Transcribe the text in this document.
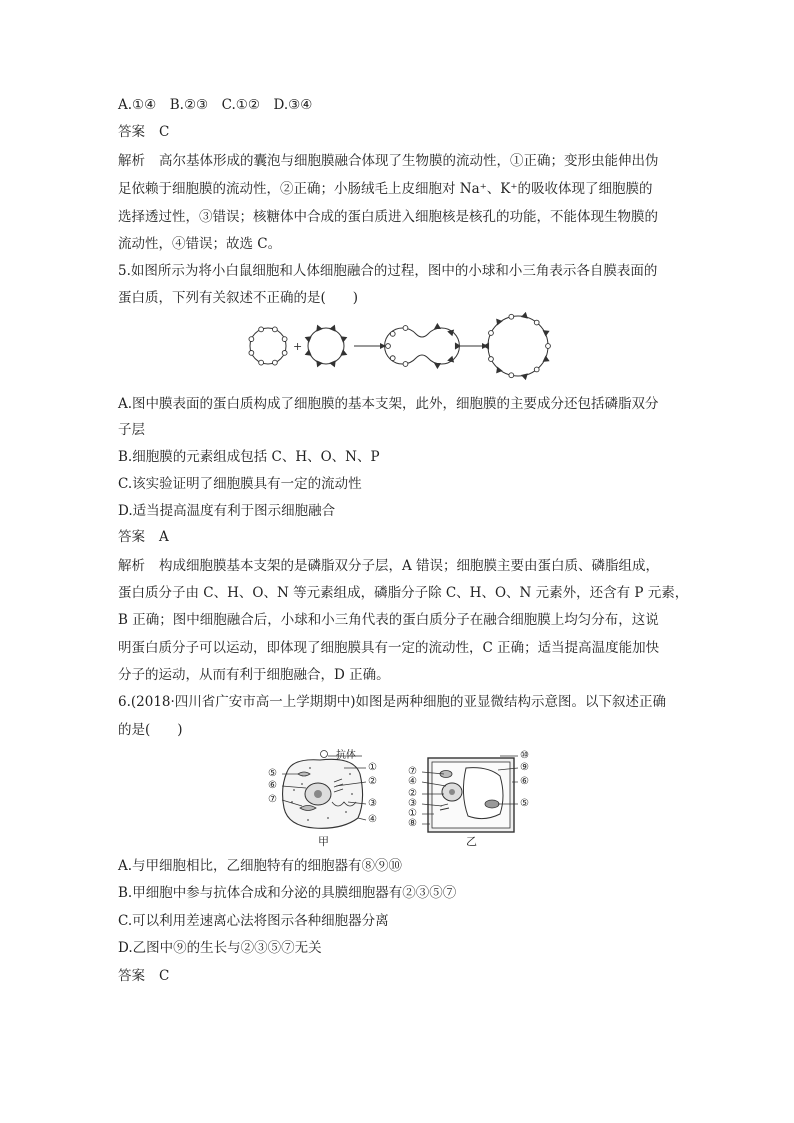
A.①④　B.②③　C.①②　D.③④
答案 C
解析 高尔基体形成的囊泡与细胞膜融合体现了生物膜的流动性，①正确；变形虫能伸出伪
足依赖于细胞膜的流动性，②正确；小肠绒毛上皮细胞对 Na⁺、K⁺的吸收体现了细胞膜的
选择透过性，③错误；核糖体中合成的蛋白质进入细胞核是核孔的功能，不能体现生物膜的
流动性，④错误；故选 C。
5.如图所示为将小白鼠细胞和人体细胞融合的过程，图中的小球和小三角表示各自膜表面的
蛋白质，下列有关叙述不正确的是(　　)
+
A.图中膜表面的蛋白质构成了细胞膜的基本支架，此外，细胞膜的主要成分还包括磷脂双分
子层
B.细胞膜的元素组成包括 C、H、O、N、P
C.该实验证明了细胞膜具有一定的流动性
D.适当提高温度有利于图示细胞融合
答案 A
解析 构成细胞膜基本支架的是磷脂双分子层，A 错误；细胞膜主要由蛋白质、磷脂组成，
蛋白质分子由 C、H、O、N 等元素组成，磷脂分子除 C、H、O、N 元素外，还含有 P 元素，
B 正确；图中细胞融合后，小球和小三角代表的蛋白质分子在融合细胞膜上均匀分布，这说
明蛋白质分子可以运动，即体现了细胞膜具有一定的流动性，C 正确；适当提高温度能加快
分子的运动，从而有利于细胞融合，D 正确。
6.(2018·四川省广安市高一上学期期中)如图是两种细胞的亚显微结构示意图。以下叙述正确
的是(　　)
抗体
⑤
⑥
⑦
①
②
③
④
甲
⑦
④
②
③
①
⑧
⑩
⑨
⑥
⑤
乙
A.与甲细胞相比，乙细胞特有的细胞器有⑧⑨⑩
B.甲细胞中参与抗体合成和分泌的具膜细胞器有②③⑤⑦
C.可以利用差速离心法将图示各种细胞器分离
D.乙图中⑨的生长与②③⑤⑦无关
答案 C
